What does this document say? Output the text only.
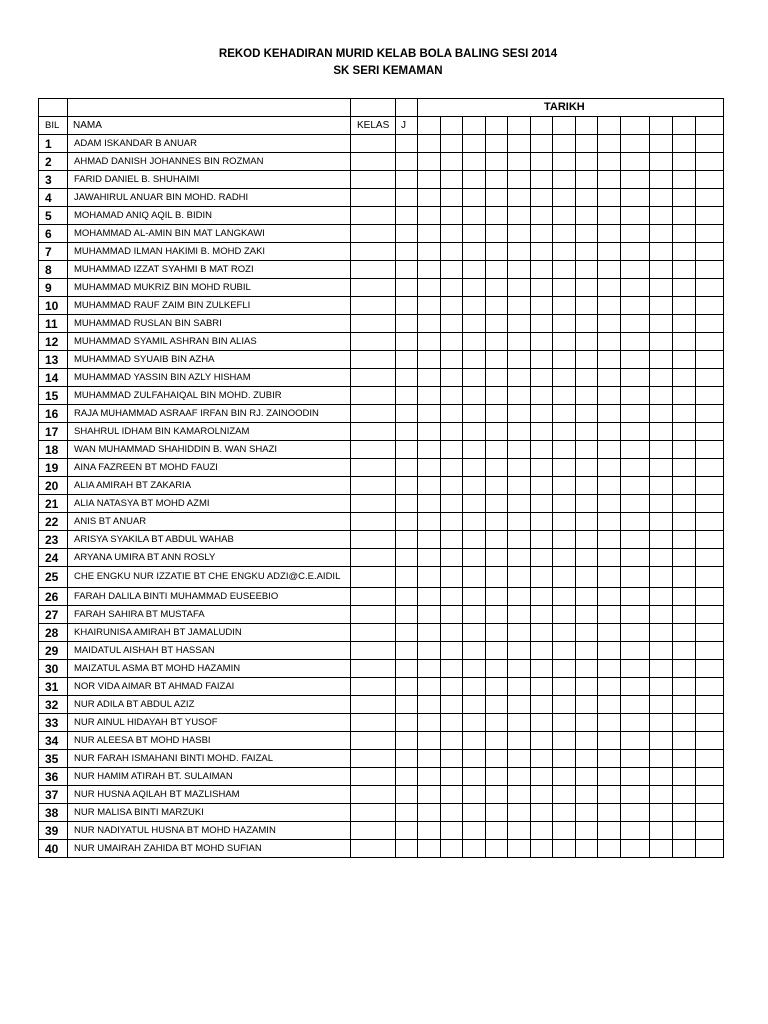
REKOD KEHADIRAN MURID KELAB BOLA BALING SESI 2014
SK SERI KEMAMAN
				TARIKH												
BIL	NAMA	KELAS	J													
1	ADAM ISKANDAR B ANUAR															
2	AHMAD DANISH JOHANNES BIN ROZMAN															
3	FARID DANIEL B. SHUHAIMI															
4	JAWAHIRUL ANUAR BIN MOHD. RADHI															
5	MOHAMAD ANIQ AQIL B. BIDIN															
6	MOHAMMAD AL-AMIN BIN MAT LANGKAWI															
7	MUHAMMAD ILMAN HAKIMI B. MOHD ZAKI															
8	MUHAMMAD IZZAT SYAHMI B MAT ROZI															
9	MUHAMMAD MUKRIZ BIN MOHD RUBIL															
10	MUHAMMAD RAUF ZAIM BIN ZULKEFLI															
11	MUHAMMAD RUSLAN BIN SABRI															
12	MUHAMMAD SYAMIL ASHRAN BIN ALIAS															
13	MUHAMMAD SYUAIB BIN AZHA															
14	MUHAMMAD YASSIN BIN AZLY HISHAM															
15	MUHAMMAD ZULFAHAIQAL BIN MOHD. ZUBIR															
16	RAJA MUHAMMAD ASRAAF IRFAN BIN RJ. ZAINOODIN															
17	SHAHRUL IDHAM BIN KAMAROLNIZAM															
18	WAN MUHAMMAD SHAHIDDIN B. WAN SHAZI															
19	AINA FAZREEN BT MOHD FAUZI															
20	ALIA AMIRAH BT ZAKARIA															
21	ALIA NATASYA BT MOHD AZMI															
22	ANIS BT ANUAR															
23	ARISYA SYAKILA BT ABDUL WAHAB															
24	ARYANA UMIRA BT ANN ROSLY															
25	CHE ENGKU NUR IZZATIE BT CHE ENGKU ADZI@C.E.AIDIL															
26	FARAH DALILA BINTI MUHAMMAD EUSEEBIO															
27	FARAH SAHIRA BT MUSTAFA															
28	KHAIRUNISA AMIRAH BT JAMALUDIN															
29	MAIDATUL AISHAH BT HASSAN															
30	MAIZATUL ASMA BT MOHD HAZAMIN															
31	NOR VIDA AIMAR BT AHMAD FAIZAI															
32	NUR ADILA BT ABDUL AZIZ															
33	NUR AINUL HIDAYAH BT YUSOF															
34	NUR ALEESA BT MOHD HASBI															
35	NUR FARAH ISMAHANI BINTI MOHD. FAIZAL															
36	NUR HAMIM ATIRAH BT. SULAIMAN															
37	NUR HUSNA AQILAH BT MAZLISHAM															
38	NUR MALISA BINTI MARZUKI															
39	NUR NADIYATUL HUSNA BT MOHD HAZAMIN															
40	NUR UMAIRAH ZAHIDA BT MOHD SUFIAN															
